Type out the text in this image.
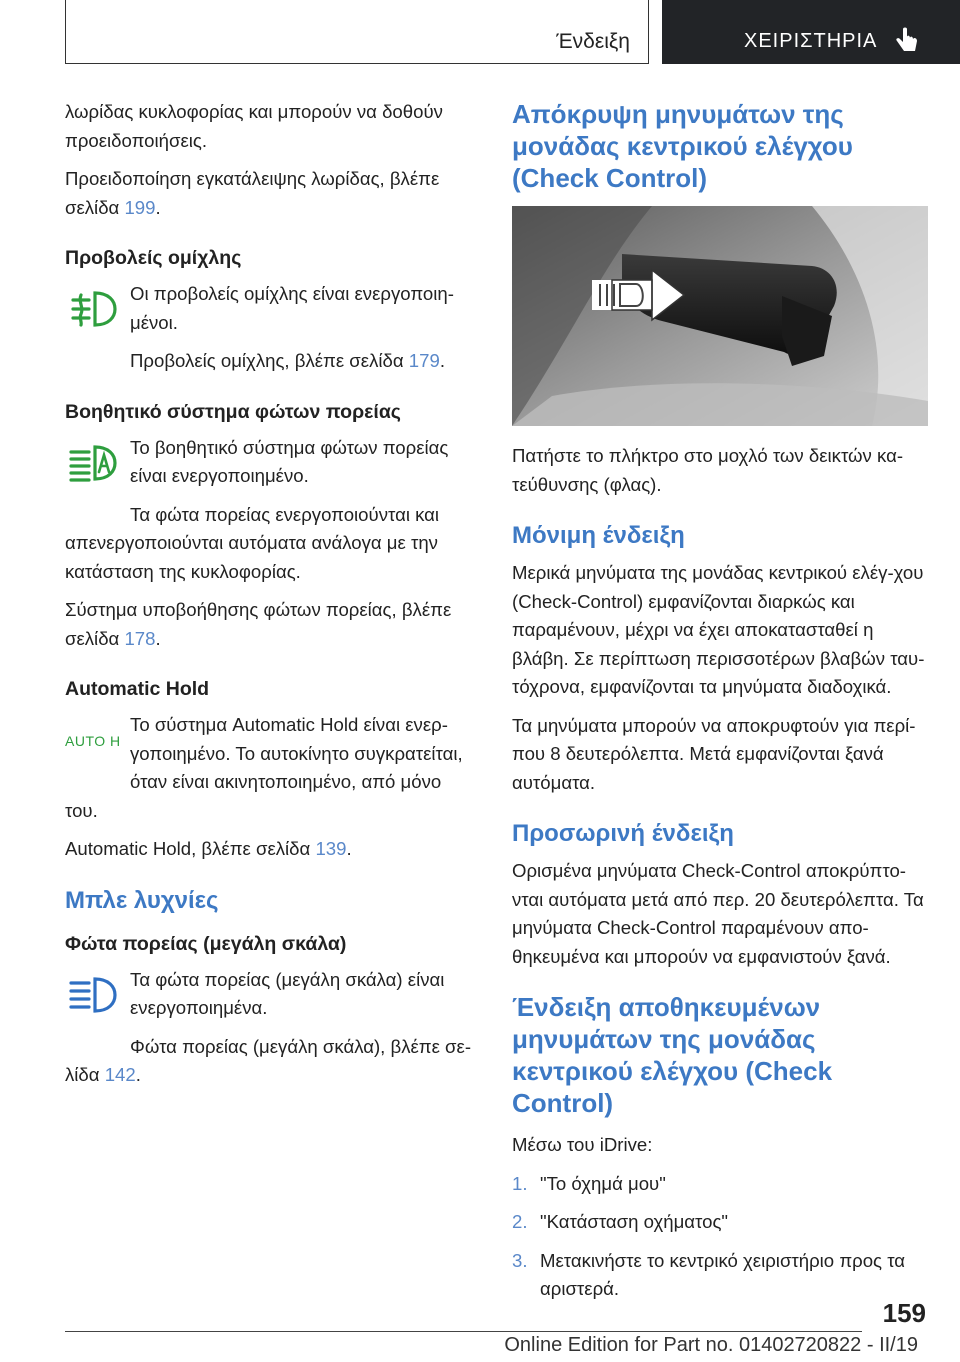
Ένδειξη	ΧΕΙΡΙΣΤΗΡΙΑ

λωρίδας κυκλοφορίας και μπορούν να δοθούν προειδοποιήσεις.

Προειδοποίηση εγκατάλειψης λωρίδας, βλέπε σελίδα 199.

Προβολείς ομίχλης

Οι προβολείς ομίχλης είναι ενεργοποιη-μένοι.

Προβολείς ομίχλης, βλέπε σελίδα 179.

Βοηθητικό σύστημα φώτων πορείας

Το βοηθητικό σύστημα φώτων πορείας είναι ενεργοποιημένο.

Τα φώτα πορείας ενεργοποιούνται και

απενεργοποιούνται αυτόματα ανάλογα με την κατάσταση της κυκλοφορίας.

Σύστημα υποβοήθησης φώτων πορείας, βλέπε σελίδα 178.

Automatic Hold
AUTO H

Το σύστημα Automatic Hold είναι ενερ-γοποιημένο. Το αυτοκίνητο συγκρατείται, όταν είναι ακινητοποιημένο, από μόνο

του.

Automatic Hold, βλέπε σελίδα 139.

Μπλε λυχνίες
Φώτα πορείας (μεγάλη σκάλα)

Τα φώτα πορείας (μεγάλη σκάλα) είναι ενεργοποιημένα.

Φώτα πορείας (μεγάλη σκάλα), βλέπε σε-

λίδα 142.

Απόκρυψη μηνυμάτων της μονάδας κεντρικού ελέγχου (Check Control)

Πατήστε το πλήκτρο στο μοχλό των δεικτών κα-τεύθυνσης (φλας).

Μόνιμη ένδειξη

Μερικά μηνύματα της μονάδας κεντρικού ελέγ-χου (Check-Control) εμφανίζονται διαρκώς και παραμένουν, μέχρι να έχει αποκατασταθεί η βλάβη. Σε περίπτωση περισσοτέρων βλαβών ταυ-τόχρονα, εμφανίζονται τα μηνύματα διαδοχικά.

Τα μηνύματα μπορούν να αποκρυφτούν για περί-που 8 δευτερόλεπτα. Μετά εμφανίζονται ξανά αυτόματα.

Προσωρινή ένδειξη

Ορισμένα μηνύματα Check-Control αποκρύπτο-νται αυτόματα μετά από περ. 20 δευτερόλεπτα. Τα μηνύματα Check-Control παραμένουν απο-θηκευμένα και μπορούν να εμφανιστούν ξανά.

Ένδειξη αποθηκευμένων μηνυμάτων της μονάδας κεντρικού ελέγχου (Check Control)

Μέσω του iDrive:

1. "Το όχημά μου"
2. "Κατάσταση οχήματος"
3. Μετακινήστε το κεντρικό χειριστήριο προς τα αριστερά.
159
Online Edition for Part no. 01402720822 - II/19
